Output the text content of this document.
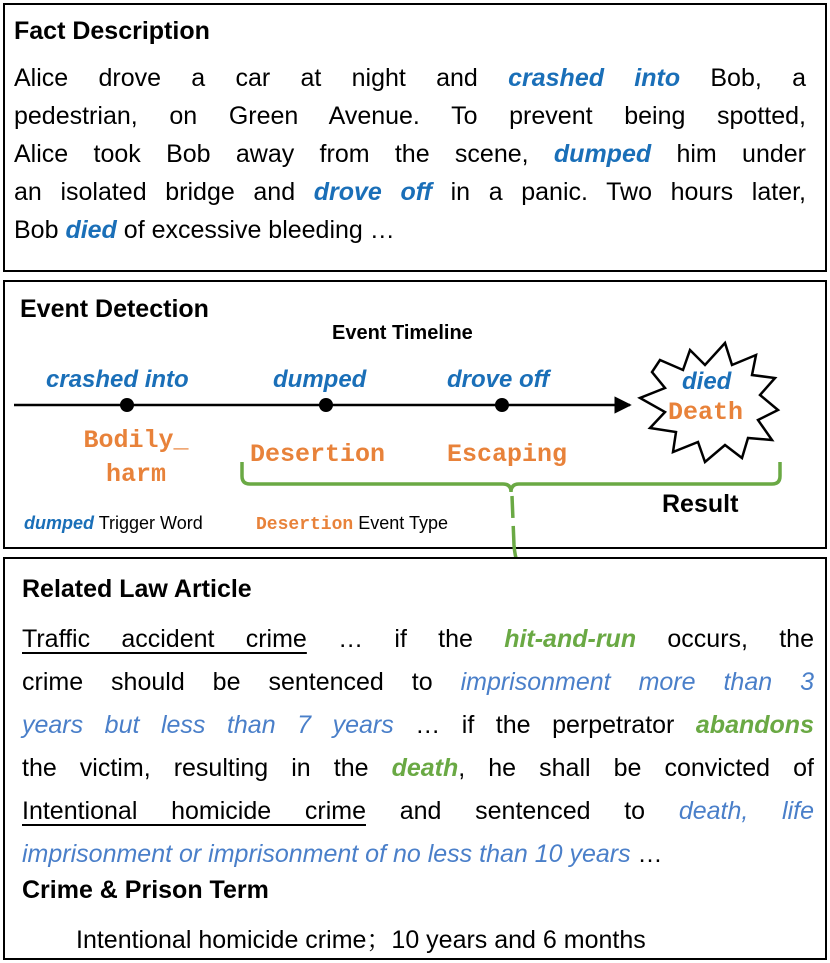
Fact Description
Alice drove a car at night and crashed into Bob, a
pedestrian, on Green Avenue. To prevent being spotted,
Alice took Bob away from the scene, dumped him under
an isolated bridge and drove off in a panic. Two hours later,
Bob died of excessive bleeding …
Event Detection
Event Timeline
crashed into	dumped	drove off
Bodily_
harm
Desertion Escaping
died
Death
Result
dumped Trigger Word	Desertion Event Type
Related Law Article
Traffic accident crime … if the hit-and-run occurs, the
crime should be sentenced to imprisonment more than 3
years but less than 7 years … if the perpetrator abandons
the victim, resulting in the death, he shall be convicted of
Intentional homicide crime and sentenced to death, life
imprisonment or imprisonment of no less than 10 years …
Crime & Prison Term
Intentional homicide crime；10 years and 6 months
